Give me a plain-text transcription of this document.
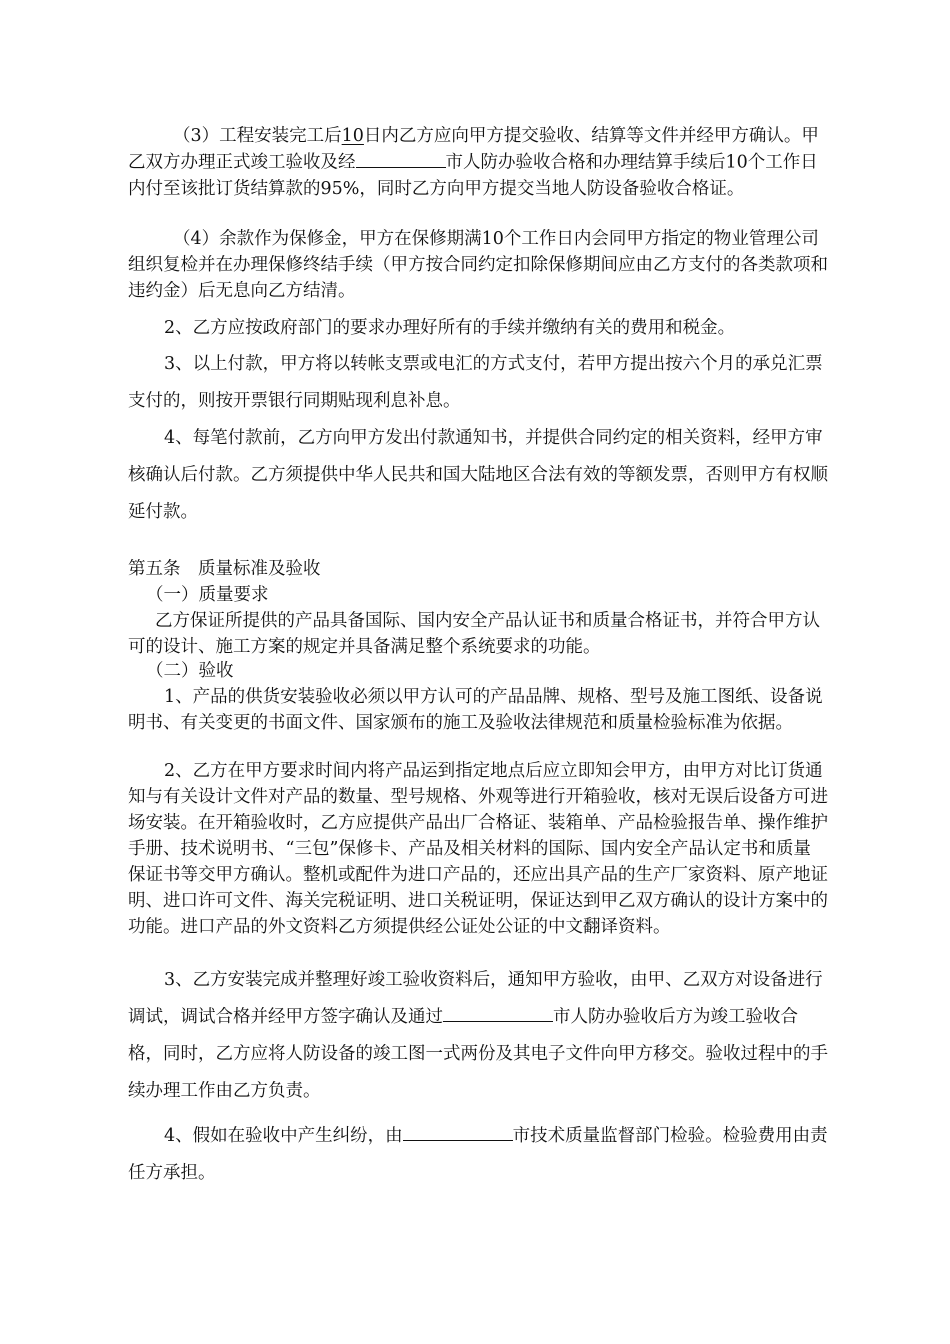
（3）工程安装完工后10日内乙方应向甲方提交验收、结算等文件并经甲方确认。甲乙双方办理正式竣工验收及经	市人防办验收合格和办理结算手续后10个工作日内付至该批订货结算款的95%，同时乙方向甲方提交当地人防设备验收合格证。

（4）余款作为保修金，甲方在保修期满10个工作日内会同甲方指定的物业管理公司组织复检并在办理保修终结手续（甲方按合同约定扣除保修期间应由乙方支付的各类款项和违约金）后无息向乙方结清。

2、乙方应按政府部门的要求办理好所有的手续并缴纳有关的费用和税金。

3、以上付款，甲方将以转帐支票或电汇的方式支付，若甲方提出按六个月的承兑汇票支付的，则按开票银行同期贴现利息补息。

4、每笔付款前，乙方向甲方发出付款通知书，并提供合同约定的相关资料，经甲方审核确认后付款。乙方须提供中华人民共和国大陆地区合法有效的等额发票，否则甲方有权顺延付款。

第五条　质量标准及验收

（一）质量要求

乙方保证所提供的产品具备国际、国内安全产品认证书和质量合格证书，并符合甲方认可的设计、施工方案的规定并具备满足整个系统要求的功能。

（二）验收

1、产品的供货安装验收必须以甲方认可的产品品牌、规格、型号及施工图纸、设备说明书、有关变更的书面文件、国家颁布的施工及验收法律规范和质量检验标准为依据。

2、乙方在甲方要求时间内将产品运到指定地点后应立即知会甲方，由甲方对比订货通知与有关设计文件对产品的数量、型号规格、外观等进行开箱验收，核对无误后设备方可进场安装。在开箱验收时，乙方应提供产品出厂合格证、装箱单、产品检验报告单、操作维护手册、技术说明书、“三包”保修卡、产品及相关材料的国际、国内安全产品认定书和质量保证书等交甲方确认。整机或配件为进口产品的，还应出具产品的生产厂家资料、原产地证明、进口许可文件、海关完税证明、进口关税证明，保证达到甲乙双方确认的设计方案中的功能。进口产品的外文资料乙方须提供经公证处公证的中文翻译资料。

3、乙方安装完成并整理好竣工验收资料后，通知甲方验收，由甲、乙双方对设备进行调试，调试合格并经甲方签字确认及通过	市人防办验收后方为竣工验收合格，同时，乙方应将人防设备的竣工图一式两份及其电子文件向甲方移交。验收过程中的手续办理工作由乙方负责。

4、假如在验收中产生纠纷，由	市技术质量监督部门检验。检验费用由责任方承担。
